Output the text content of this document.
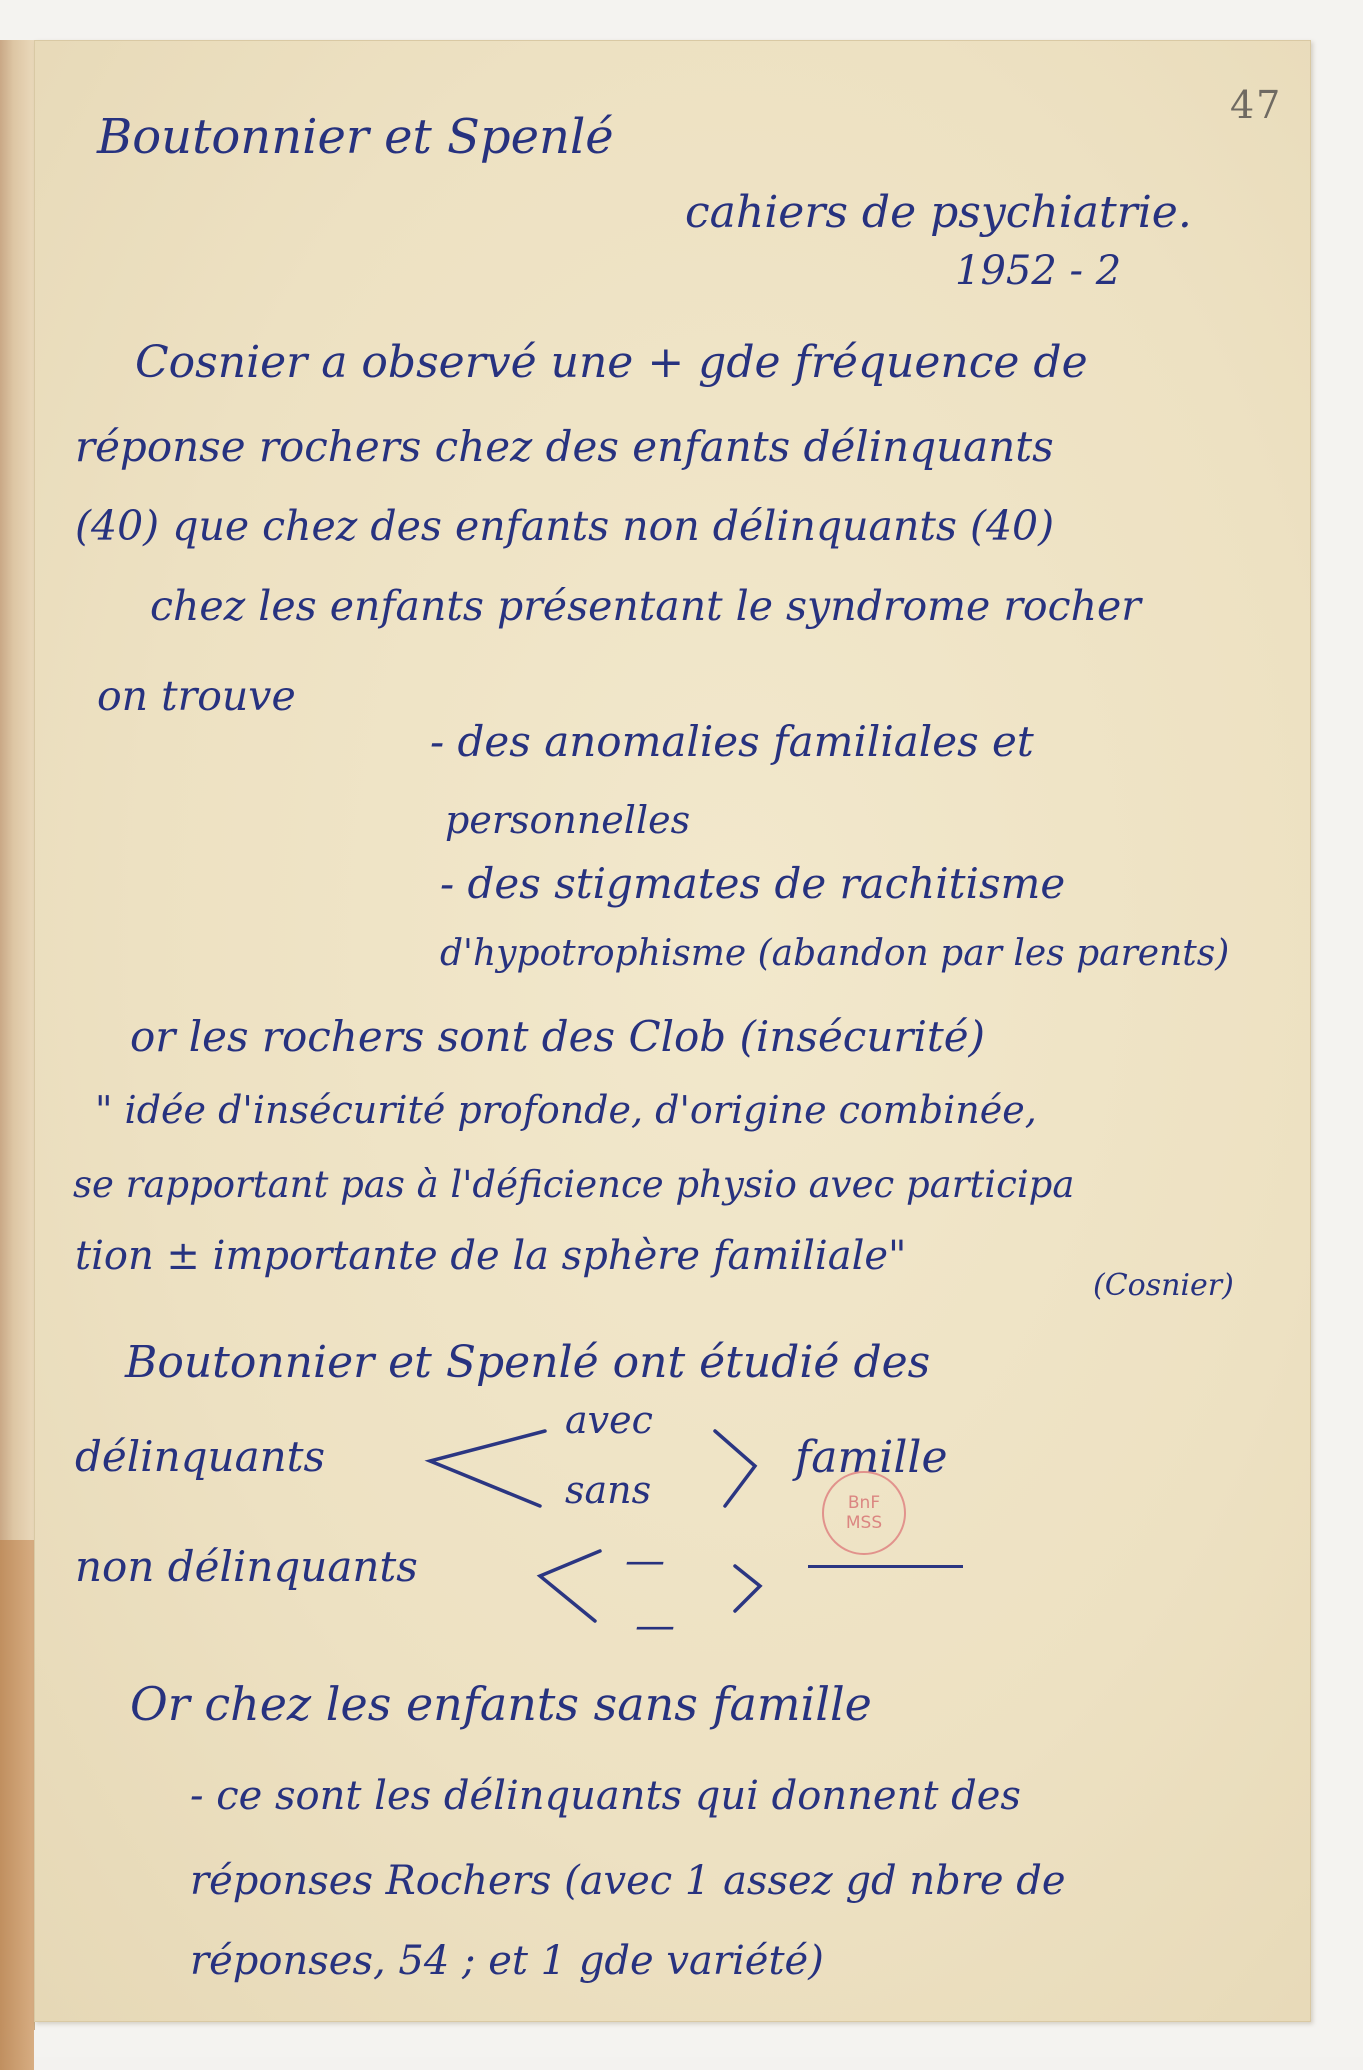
47
Boutonnier et Spenlé
cahiers de psychiatrie.
1952 - 2
Cosnier a observé une + gde fréquence de
réponse rochers chez des enfants délinquants
(40) que chez des enfants non délinquants (40)
chez les enfants présentant le syndrome rocher
on trouve
- des anomalies familiales et
personnelles
- des stigmates de rachitisme
d'hypotrophisme (abandon par les parents)
or les rochers sont des Clob (insécurité)
" idée d'insécurité profonde, d'origine combinée,
se rapportant pas à l'déficience physio avec participa
tion ± importante de la sphère familiale"
(Cosnier)
Boutonnier et Spenlé ont étudié des
délinquants
avec
sans
famille
non délinquants	—
—
BnF
MSS
Or chez les enfants sans famille
- ce sont les délinquants qui donnent des
réponses Rochers (avec 1 assez gd nbre de
réponses, 54 ; et 1 gde variété)
